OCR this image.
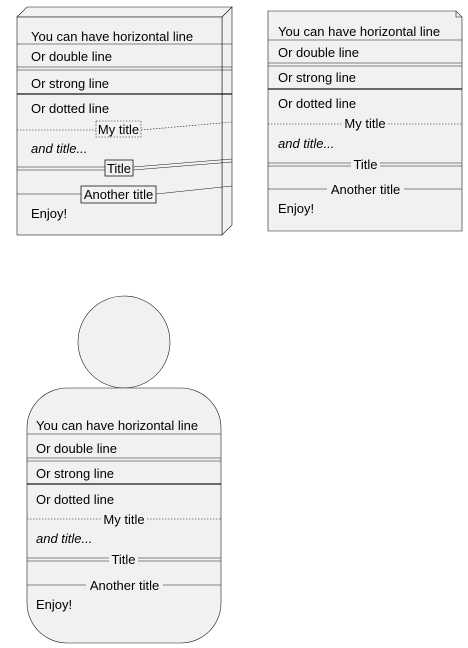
You can have horizontal line
Or double line
Or strong line
Or dotted line
My title
and title...
Title
Another title
Enjoy!
You can have horizontal line
Or double line
Or strong line
Or dotted line
My title
and title...
Title
Another title
Enjoy!
You can have horizontal line
Or double line
Or strong line
Or dotted line
My title
and title...
Title
Another title
Enjoy!
